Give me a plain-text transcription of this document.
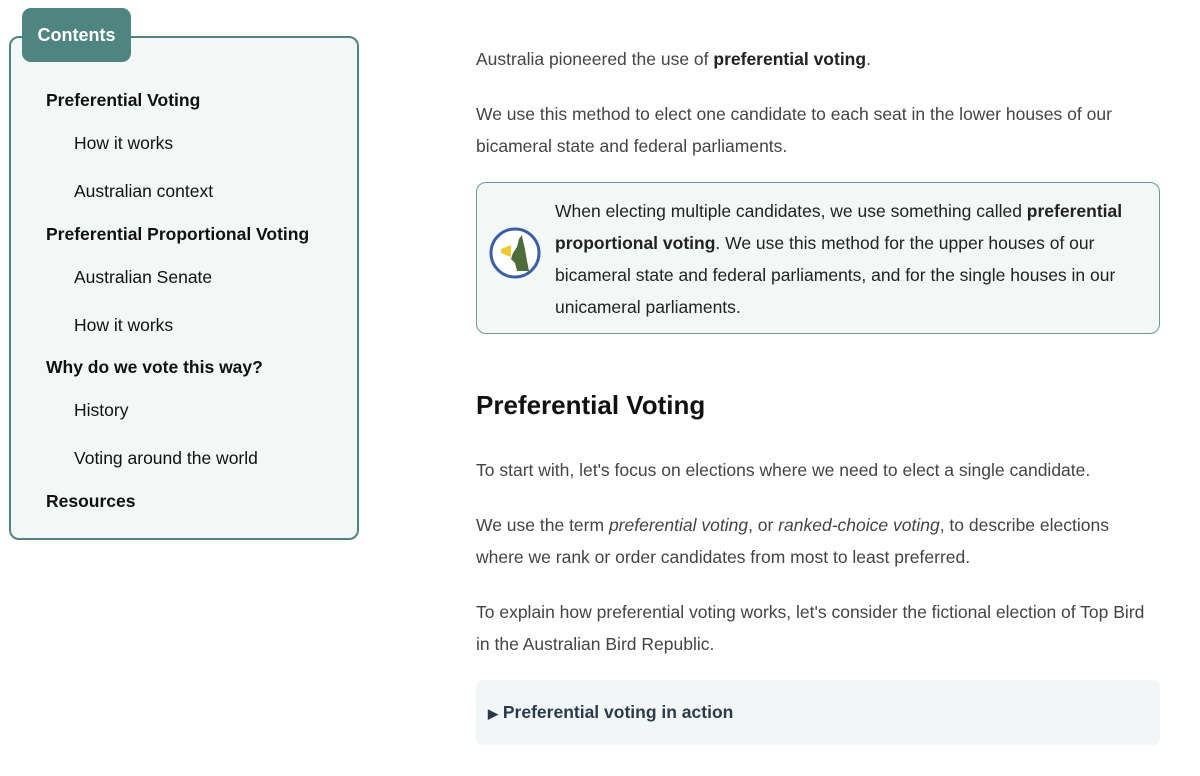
Contents
Preferential Voting
How it works
Australian context
Preferential Proportional Voting
Australian Senate
How it works
Why do we vote this way?
History
Voting around the world
Resources

Australia pioneered the use of preferential voting.

We use this method to elect one candidate to each seat in the lower houses of our bicameral state and federal parliaments.

When electing multiple candidates, we use something called preferential proportional voting. We use this method for the upper houses of our bicameral state and federal parliaments, and for the single houses in our unicameral parliaments.
Preferential Voting

To start with, let's focus on elections where we need to elect a single candidate.

We use the term preferential voting, or ranked-choice voting, to describe elections where we rank or order candidates from most to least preferred.

To explain how preferential voting works, let's consider the fictional election of Top Bird in the Australian Bird Republic.

▶ Preferential voting in action
